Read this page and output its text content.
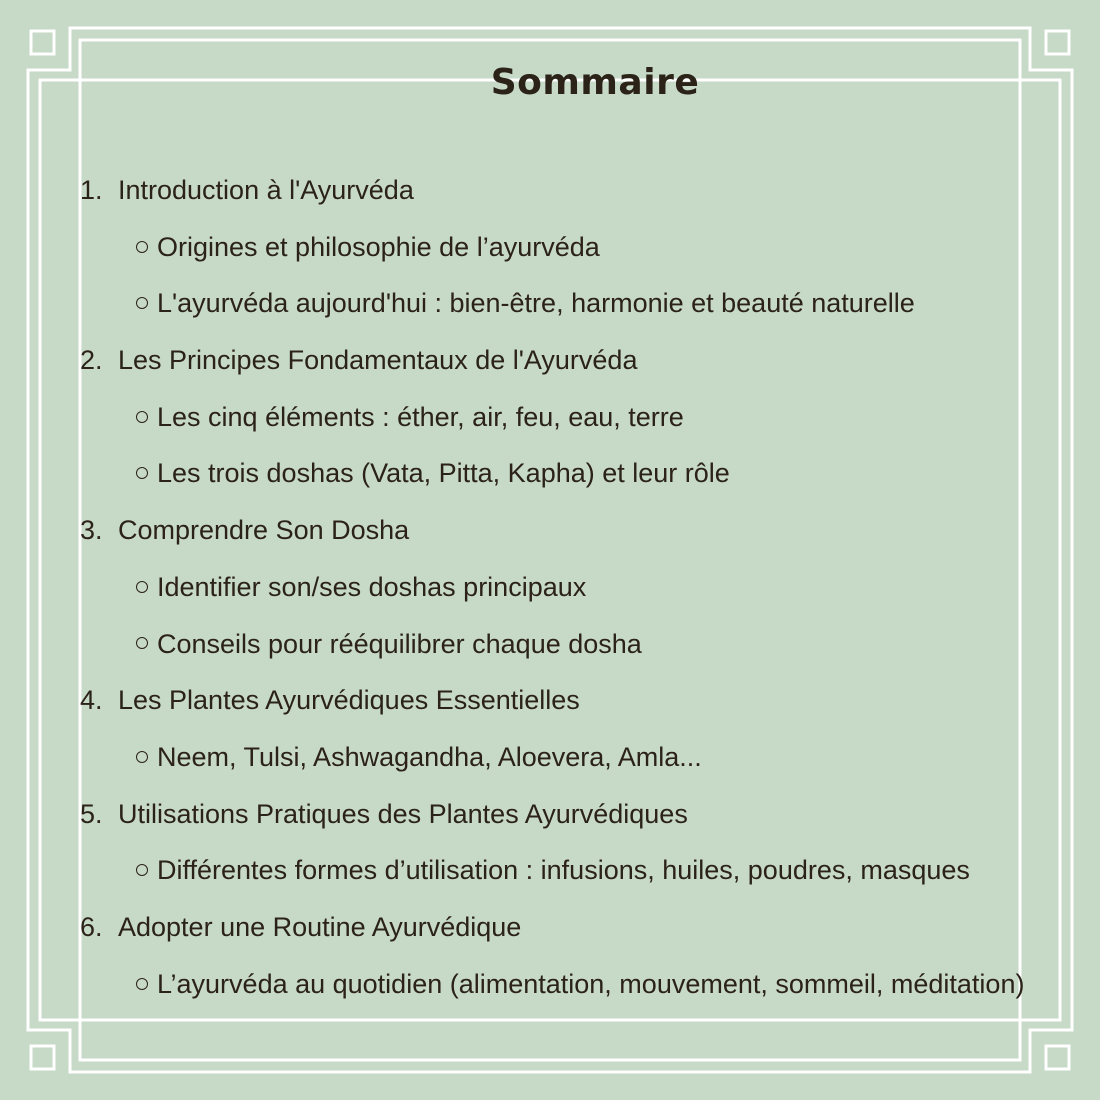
Sommaire
1. Introduction à l'Ayurvéda
Origines et philosophie de l’ayurvéda
L'ayurvéda aujourd'hui : bien-être, harmonie et beauté naturelle
2. Les Principes Fondamentaux de l'Ayurvéda
Les cinq éléments : éther, air, feu, eau, terre
Les trois doshas (Vata, Pitta, Kapha) et leur rôle
3. Comprendre Son Dosha
Identifier son/ses doshas principaux
Conseils pour rééquilibrer chaque dosha
4. Les Plantes Ayurvédiques Essentielles
Neem, Tulsi, Ashwagandha, Aloevera, Amla...
5. Utilisations Pratiques des Plantes Ayurvédiques
Différentes formes d’utilisation : infusions, huiles, poudres, masques
6. Adopter une Routine Ayurvédique
L’ayurvéda au quotidien (alimentation, mouvement, sommeil, méditation)
